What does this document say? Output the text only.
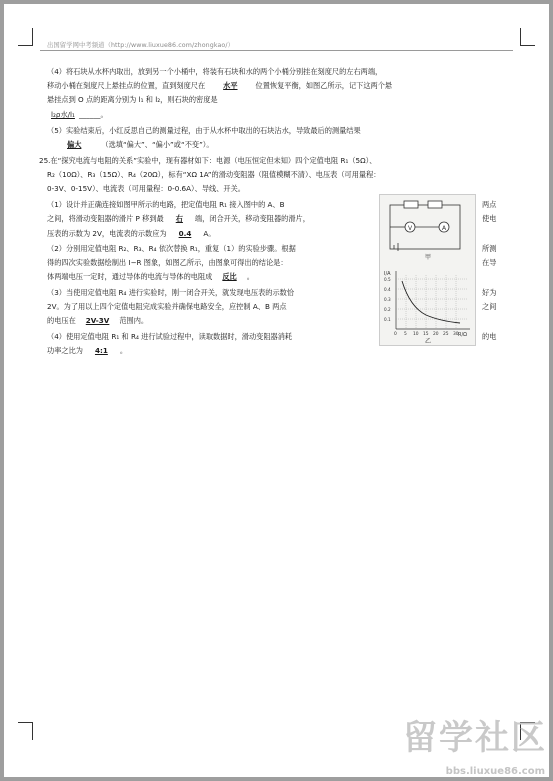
出国留学网中考频道（http://www.liuxue86.com/zhongkao/）
（4）将石块从水杯内取出，放到另一个小桶中，将装有石块和水的两个小桶分别挂在刻度尺的左右两端，
移动小桶在刻度尺上悬挂点的位置，直到刻度尺在	水平	位置恢复平衡，如图乙所示，记下这两个悬
悬挂点到 O 点的距离分别为 l₁ 和 l₂，则石块的密度是
l₂ρ水/l₁ ______。
（5）实验结束后，小红反思自己的测量过程，由于从水杯中取出的石块沾水，导致最后的测量结果
偏大	（选填“偏大”、“偏小”或“不变”）。
25.在“探究电流与电阻的关系”实验中，现有器材如下：电源（电压恒定但未知）四个定值电阻 R₁（5Ω）、
R₂（10Ω）、R₃（15Ω）、R₄（20Ω），标有“XΩ 1A”的滑动变阻器（阻值模糊不清）、电压表（可用量程：
0-3V、0-15V）、电流表（可用量程：0-0.6A）、导线、开关。
（1）设计并正确连接如图甲所示的电路，把定值电阻 R₁ 接入图中的 A、B	两点
之间，将滑动变阻器的滑片 P 移到最 右 端，闭合开关，移动变阻器的滑片，	使电
压表的示数为 2V，电流表的示数应为 0.4 A。
（2）分别用定值电阻 R₂、R₃、R₄ 依次替换 R₁，重复（1）的实验步骤。根据	所测
得的四次实验数据绘制出 I−R 图象，如图乙所示，由图象可得出的结论是：	在导
体两端电压一定时，通过导体的电流与导体的电阻成 反比 。
（3）当使用定值电阻 R₄ 进行实验时，刚一闭合开关，就发现电压表的示数恰	好为
2V。为了用以上四个定值电阻完成实验并确保电路安全，应控制 A、B 两点	之间
的电压在 2V-3V 范围内。
（4）使用定值电阻 R₁ 和 R₄ 进行试验过程中，读取数据时，滑动变阻器消耗	的电
功率之比为 4:1 。
V	A
甲
I/A
R/Ω
0 5 10 15 20 25 30
0.1
0.2
0.3
0.4
0.5
乙
留学社区
bbs.liuxue86.com
